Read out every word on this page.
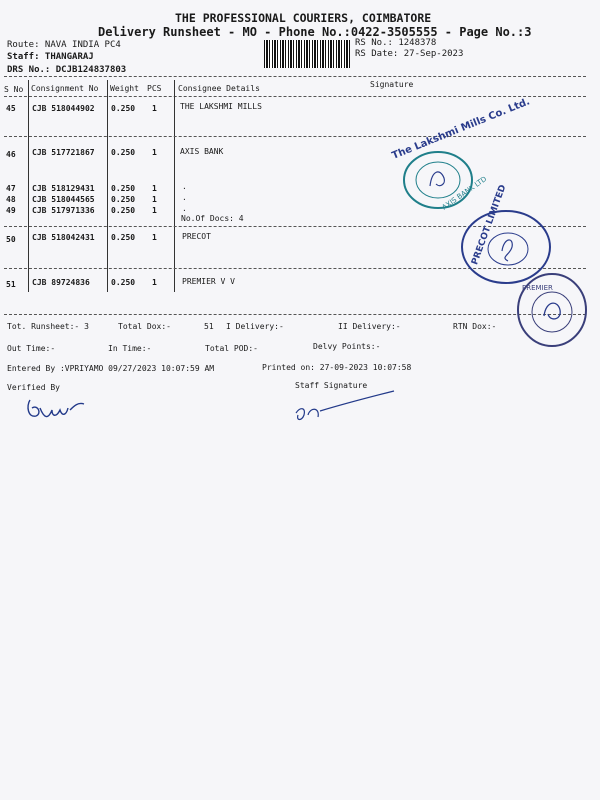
THE PROFESSIONAL COURIERS, COIMBATORE
Delivery Runsheet - MO - Phone No.:0422-3505555 - Page No.:3
Route: NAVA INDIA PC4
Staff: THANGARAJ
DRS No.: DCJB124837803
RS No.: 1248378
RS Date: 27-Sep-2023
S No Consignment No Weight PCS Consignee Details	Signature
45 CJB 518044902 0.250 1	THE LAKSHMI MILLS
46 CJB 517721867 0.250 1	AXIS BANK
47 CJB 518129431 0.250 1	.
48 CJB 518044565 0.250 1	.
49 CJB 517971336 0.250 1	.
No.Of Docs: 4
50 CJB 518042431 0.250 1	PRECOT
51 CJB 89724836	0.250 1	PREMIER V V
Tot. Runsheet:- 3	Total Dox:-	51 I Delivery:-	II Delivery:-	RTN Dox:-
Out Time:-	In Time:-	Total POD:-	Delvy Points:-
Entered By :VPRIYAMO 09/27/2023 10:07:59 AM	Printed on: 27-09-2023 10:07:58
Verified By	Staff Signature
The Lakshmi Mills Co. Ltd.
AXIS BANK LTD
PRECOT LIMITED
PREMIER
